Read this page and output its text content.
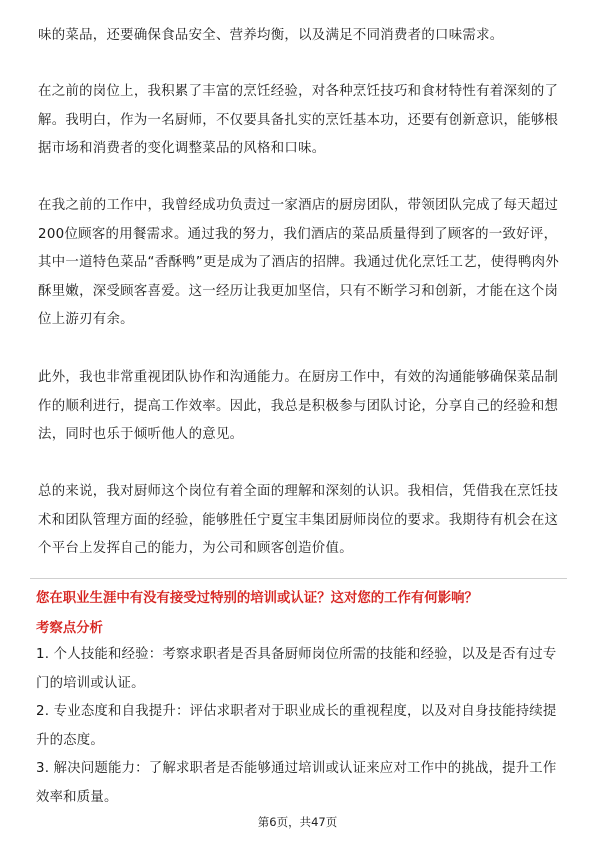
味的菜品，还要确保食品安全、营养均衡，以及满足不同消费者的口味需求。

在之前的岗位上，我积累了丰富的烹饪经验，对各种烹饪技巧和食材特性有着深刻的了解。我明白，作为一名厨师，不仅要具备扎实的烹饪基本功，还要有创新意识，能够根据市场和消费者的变化调整菜品的风格和口味。

在我之前的工作中，我曾经成功负责过一家酒店的厨房团队，带领团队完成了每天超过200位顾客的用餐需求。通过我的努力，我们酒店的菜品质量得到了顾客的一致好评，其中一道特色菜品“香酥鸭”更是成为了酒店的招牌。我通过优化烹饪工艺，使得鸭肉外酥里嫩，深受顾客喜爱。这一经历让我更加坚信，只有不断学习和创新，才能在这个岗位上游刃有余。

此外，我也非常重视团队协作和沟通能力。在厨房工作中，有效的沟通能够确保菜品制作的顺利进行，提高工作效率。因此，我总是积极参与团队讨论，分享自己的经验和想法，同时也乐于倾听他人的意见。

总的来说，我对厨师这个岗位有着全面的理解和深刻的认识。我相信，凭借我在烹饪技术和团队管理方面的经验，能够胜任宁夏宝丰集团厨师岗位的要求。我期待有机会在这个平台上发挥自己的能力，为公司和顾客创造价值。

您在职业生涯中有没有接受过特别的培训或认证？这对您的工作有何影响？

考察点分析

1. 个人技能和经验：考察求职者是否具备厨师岗位所需的技能和经验，以及是否有过专门的培训或认证。

2. 专业态度和自我提升：评估求职者对于职业成长的重视程度，以及对自身技能持续提升的态度。

3. 解决问题能力：了解求职者是否能够通过培训或认证来应对工作中的挑战，提升工作效率和质量。

第6页，共47页
